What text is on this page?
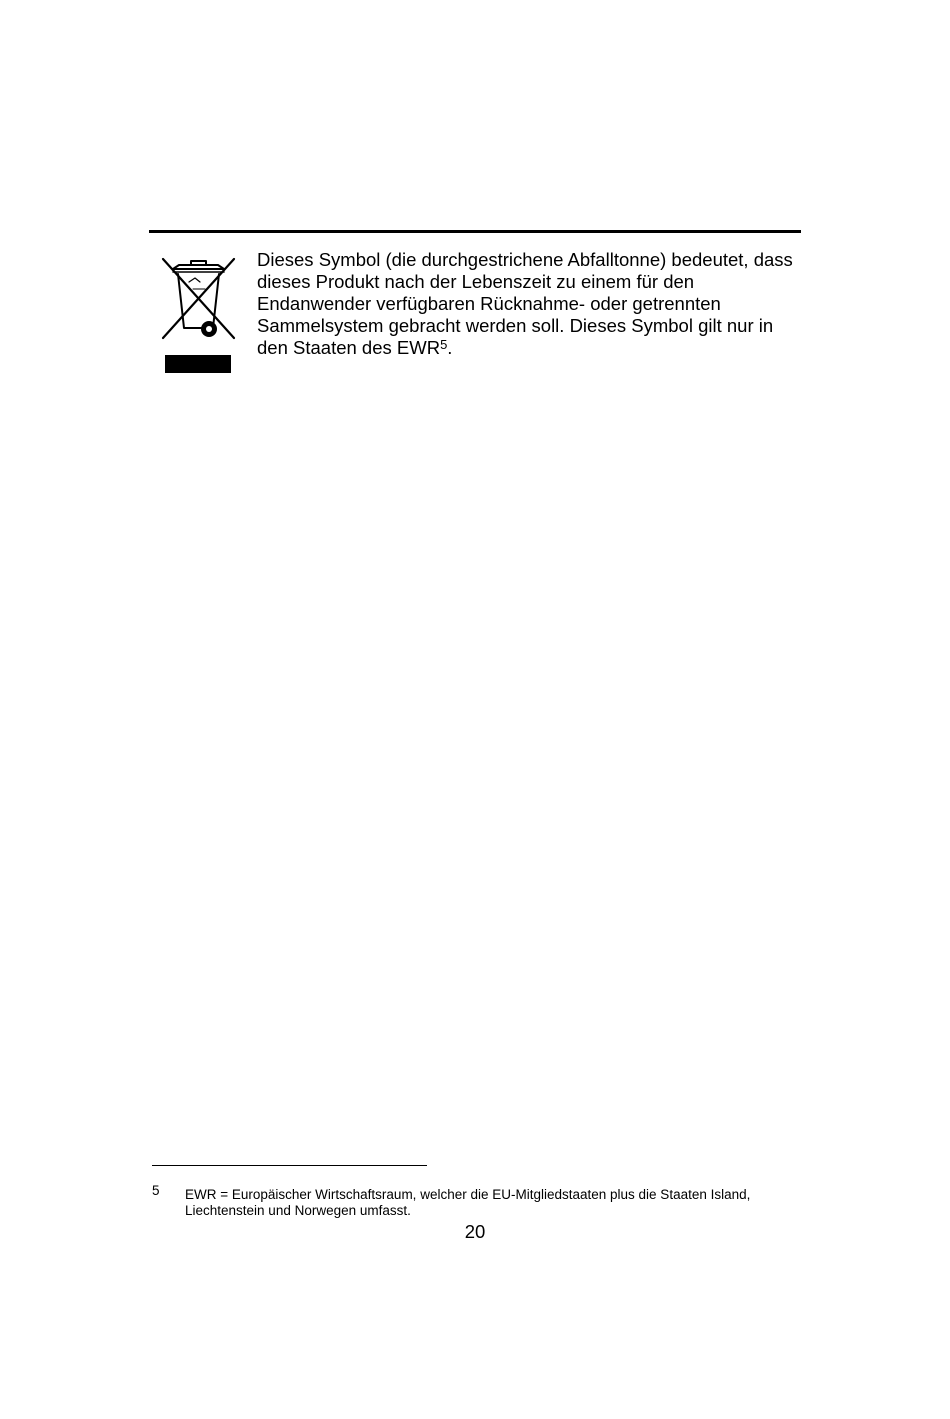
Dieses Symbol (die durchgestrichene Abfalltonne) bedeutet, dass dieses Produkt nach der Lebenszeit zu einem für den Endanwender verfügbaren Rücknahme- oder getrennten Sammelsystem gebracht werden soll. Dieses Symbol gilt nur in den Staaten des EWR$^5$.

5 EWR = Europäischer Wirtschaftsraum, welcher die EU-Mitgliedstaaten plus die Staaten Island, Liechtenstein und Norwegen umfasst.

20
